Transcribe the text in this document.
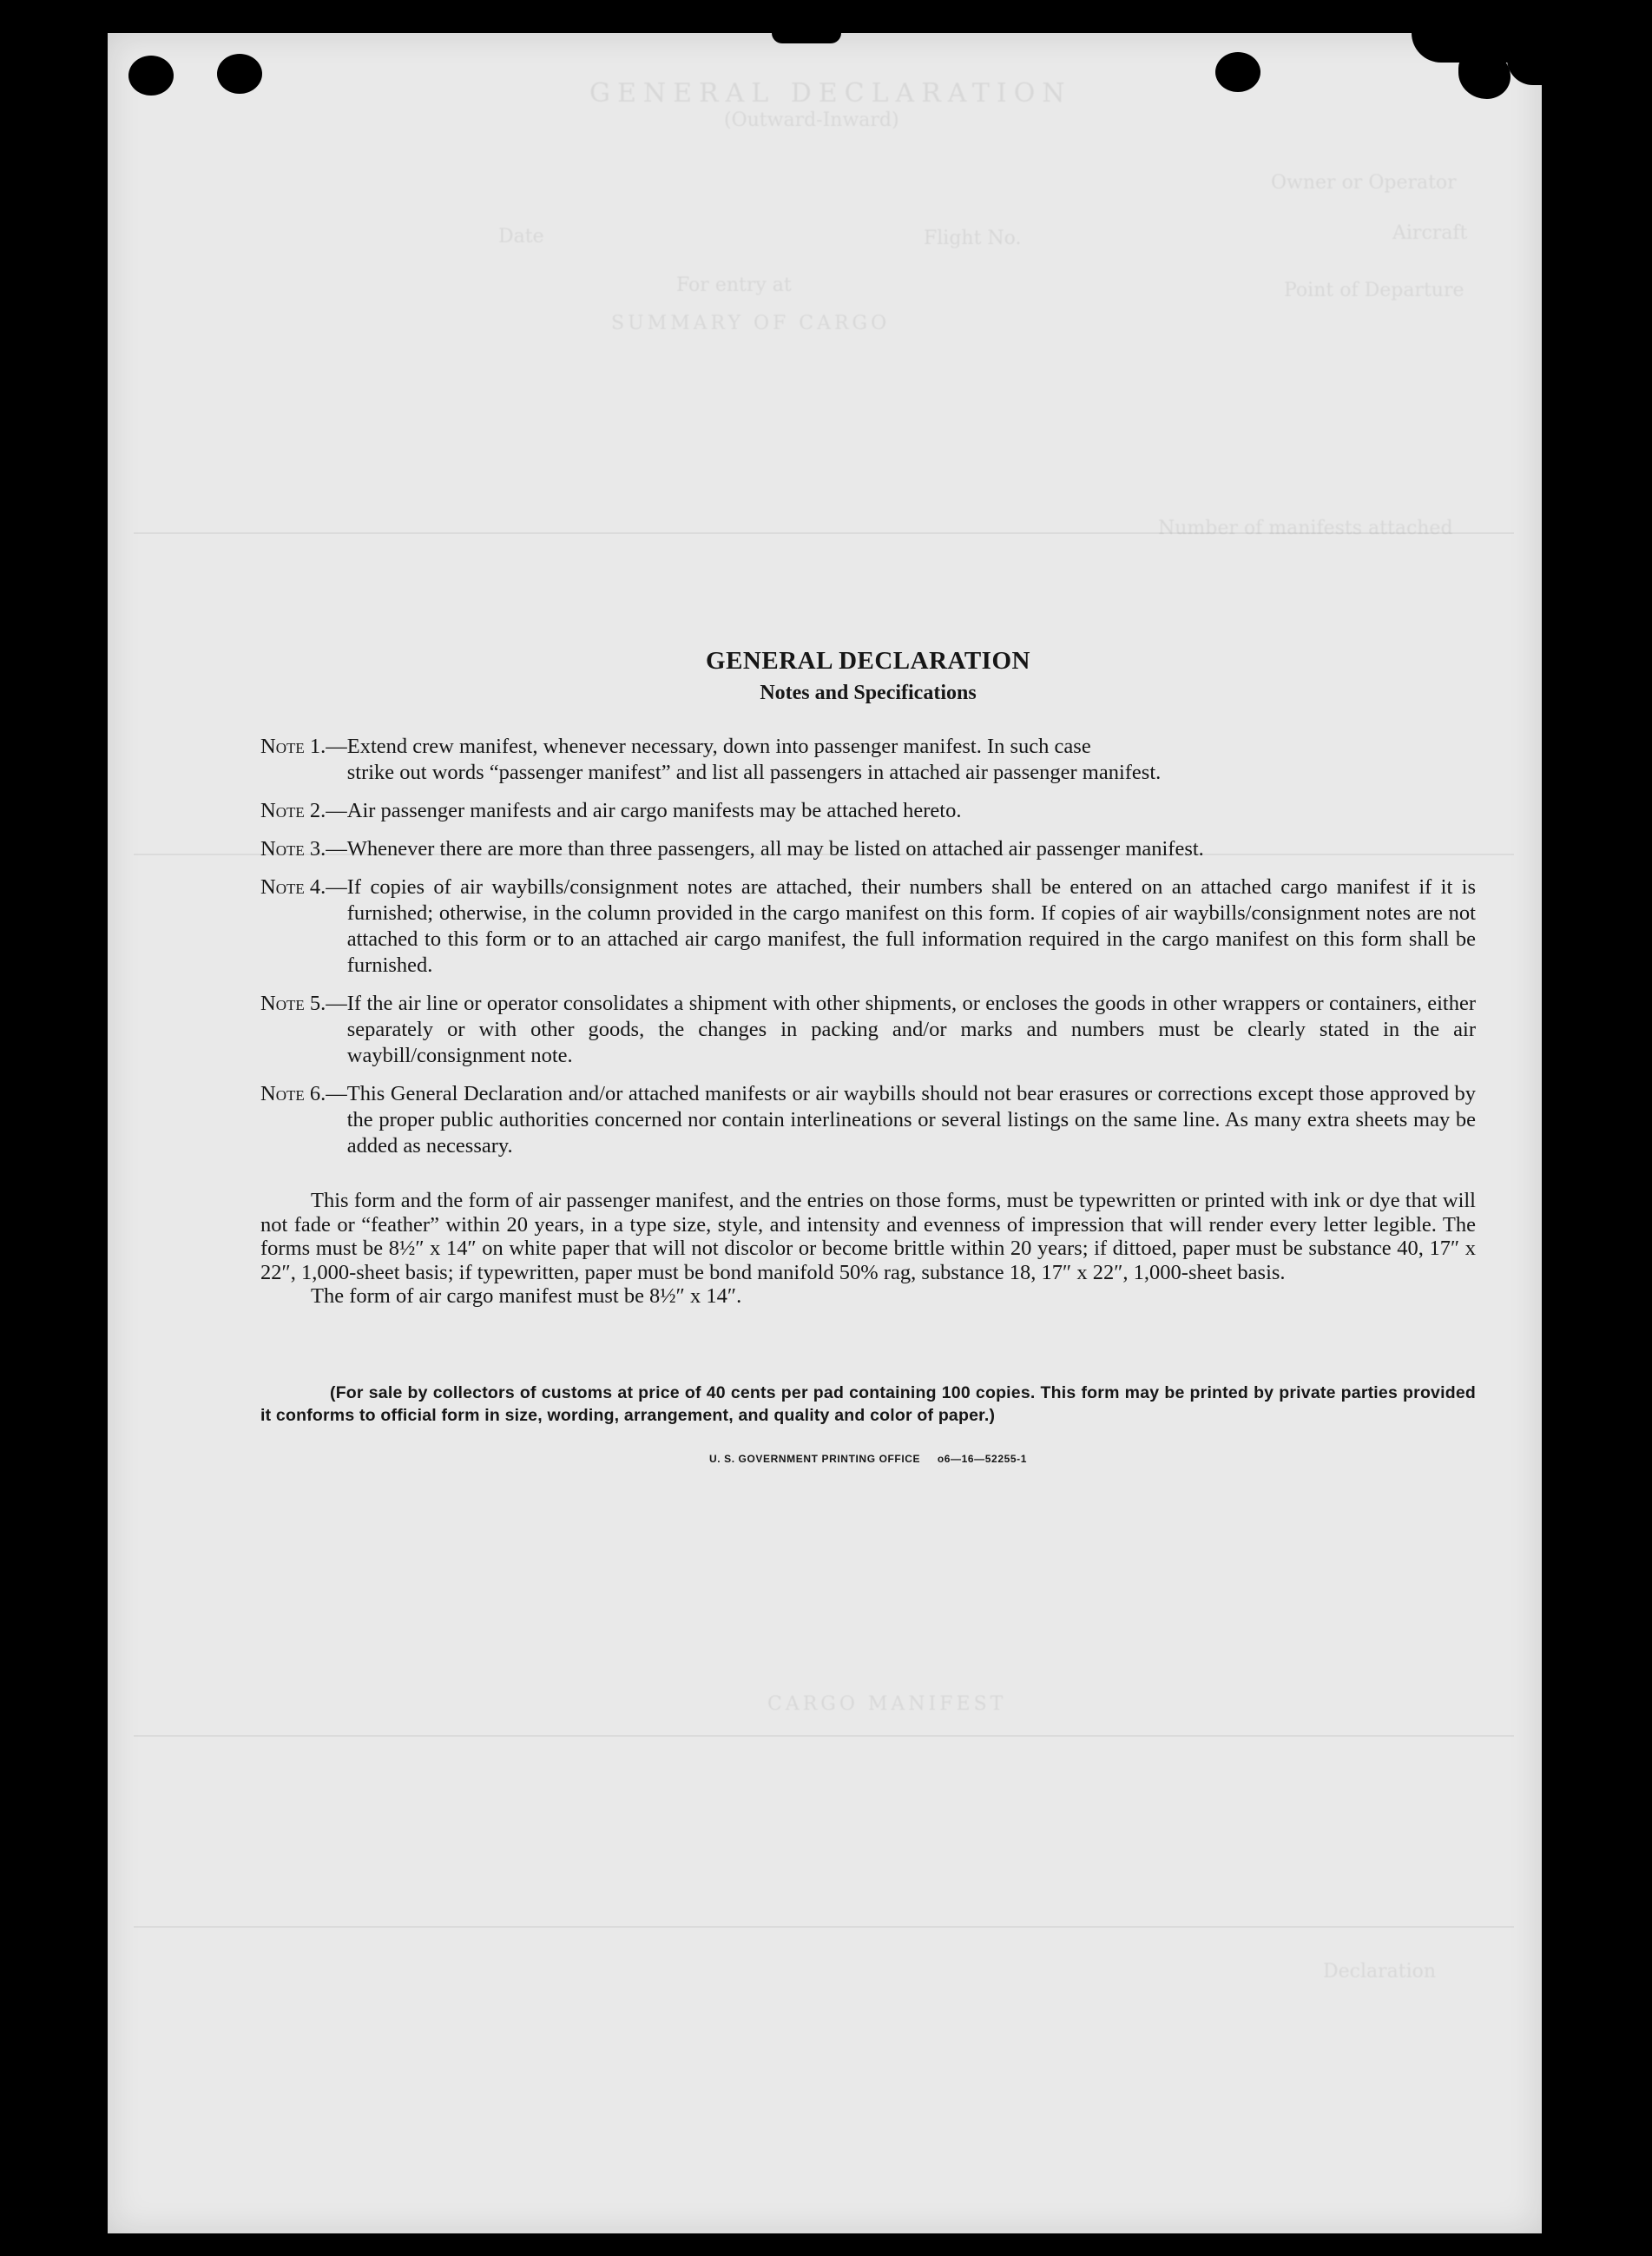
GENERAL DECLARATION
(Outward-Inward)
Owner or Operator
Aircraft
Flight No.
Date
Point of Departure
For entry at
SUMMARY OF CARGO
Number of manifests attached
CARGO MANIFEST
Declaration
GENERAL DECLARATION
Notes and Specifications
Note 1.— Extend crew manifest, whenever necessary, down into passenger manifest. In such case
strike out words “passenger manifest” and list all passengers in attached air passenger manifest.
Note 2.— Air passenger manifests and air cargo manifests may be attached hereto.
Note 3.— Whenever there are more than three passengers, all may be listed on attached air passenger manifest.
Note 4.— If copies of air waybills/consignment notes are attached, their numbers shall be entered on an attached cargo manifest if it is furnished; otherwise, in the column provided in the cargo manifest on this form. If copies of air waybills/consignment notes are not attached to this form or to an attached air cargo manifest, the full information required in the cargo manifest on this form shall be furnished.
Note 5.— If the air line or operator consolidates a shipment with other shipments, or encloses the goods in other wrappers or containers, either separately or with other goods, the changes in packing and/or marks and numbers must be clearly stated in the air waybill/consignment note.
Note 6.— This General Declaration and/or attached manifests or air waybills should not bear erasures or corrections except those approved by the proper public authorities concerned nor contain interlineations or several listings on the same line. As many extra sheets may be added as necessary.
This form and the form of air passenger manifest, and the entries on those forms, must be typewritten or printed with ink or dye that will not fade or “feather” within 20 years, in a type size, style, and intensity and evenness of impression that will render every letter legible. The forms must be 8½″ x 14″ on white paper that will not discolor or become brittle within 20 years; if dittoed, paper must be substance 40, 17″ x 22″, 1,000-sheet basis; if typewritten, paper must be bond manifold 50% rag, substance 18, 17″ x 22″, 1,000-sheet basis.

The form of air cargo manifest must be 8½″ x 14″.

(For sale by collectors of customs at price of 40 cents per pad containing 100 copies. This form may be printed by private parties provided it conforms to official form in size, wording, arrangement, and quality and color of paper.)
U. S. GOVERNMENT PRINTING OFFICE     o6—16—52255-1
